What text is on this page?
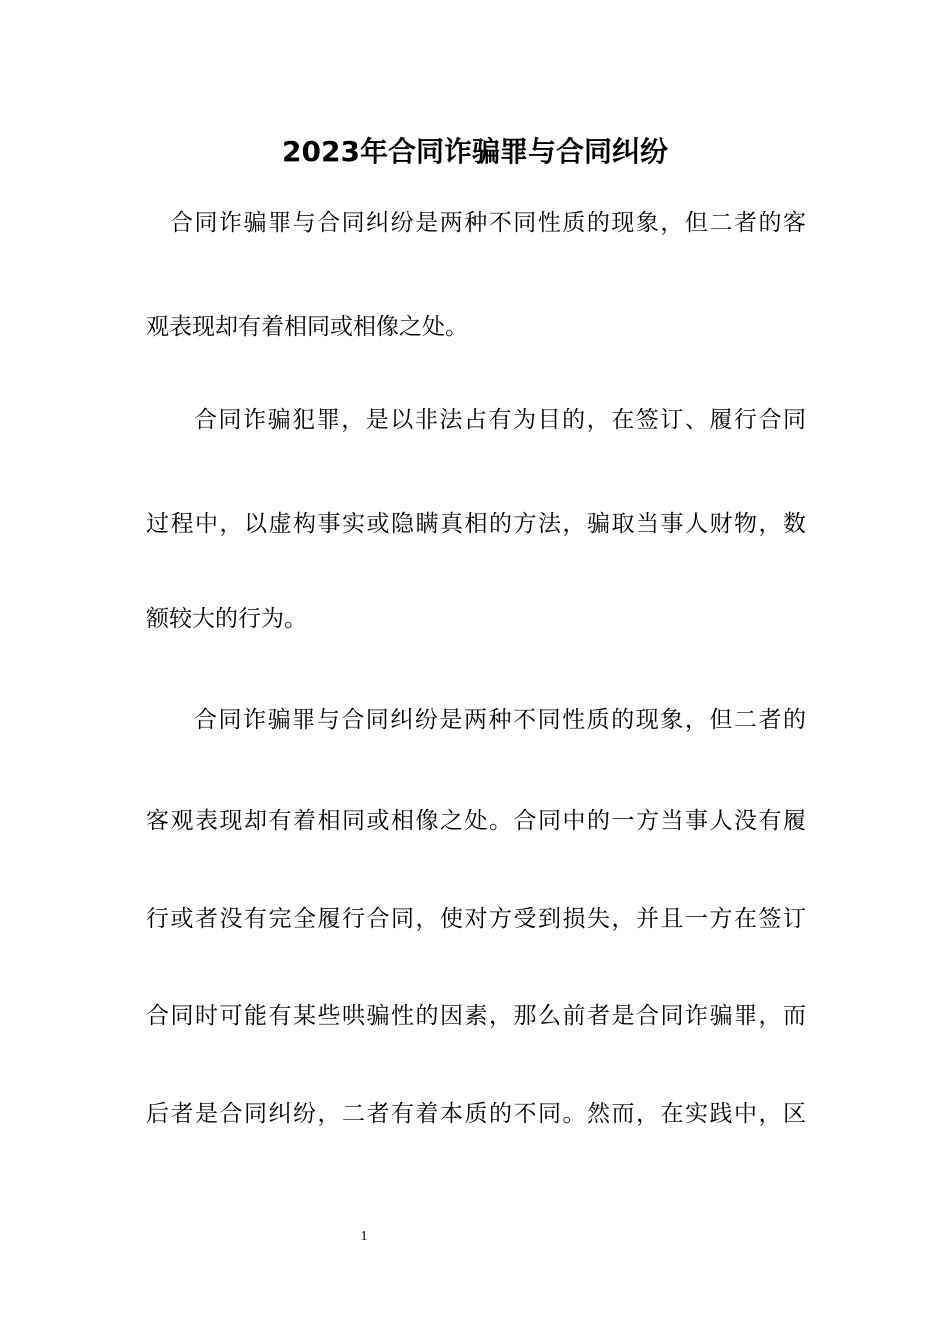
2023年合同诈骗罪与合同纠纷
合同诈骗罪与合同纠纷是两种不同性质的现象，但二者的客
观表现却有着相同或相像之处。
合同诈骗犯罪，是以非法占有为目的，在签订、履行合同
过程中，以虚构事实或隐瞒真相的方法，骗取当事人财物，数
额较大的行为。
合同诈骗罪与合同纠纷是两种不同性质的现象，但二者的
客观表现却有着相同或相像之处。合同中的一方当事人没有履
行或者没有完全履行合同，使对方受到损失，并且一方在签订
合同时可能有某些哄骗性的因素，那么前者是合同诈骗罪，而
后者是合同纠纷，二者有着本质的不同。然而，在实践中，区
1
